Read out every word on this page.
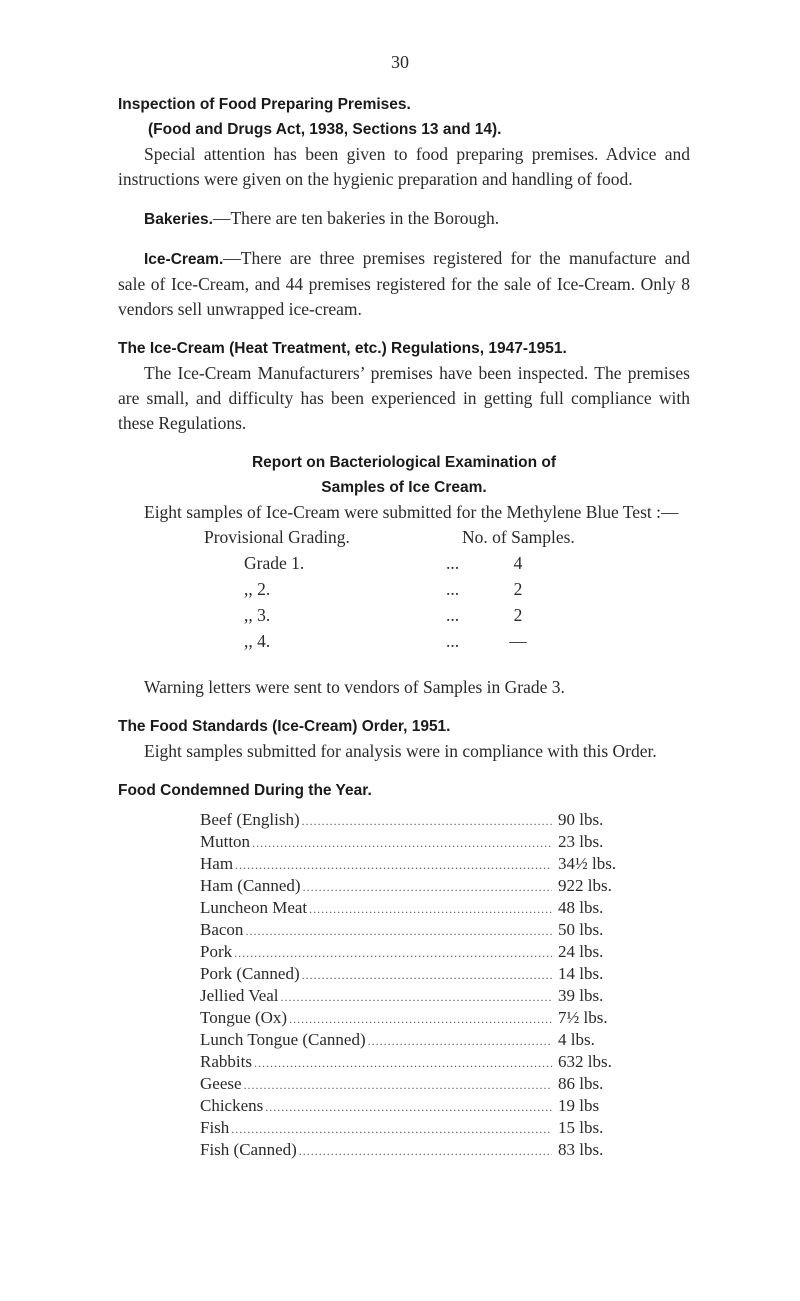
30
Inspection of Food Preparing Premises.
(Food and Drugs Act, 1938, Sections 13 and 14).

Special attention has been given to food preparing premises. Advice and instructions were given on the hygienic preparation and handling of food.

Bakeries.—There are ten bakeries in the Borough.

Ice-Cream.—There are three premises registered for the manufacture and sale of Ice-Cream, and 44 premises registered for the sale of Ice-Cream. Only 8 vendors sell unwrapped ice-cream.

The Ice-Cream (Heat Treatment, etc.) Regulations, 1947-1951.

The Ice-Cream Manufacturers’ premises have been inspected. The premises are small, and difficulty has been experienced in getting full compliance with these Regulations.

Report on Bacteriological Examination of
Samples of Ice Cream.

Eight samples of Ice-Cream were submitted for the Methylene Blue Test :—

Provisional Grading.	No. of Samples.
Grade 1.	...	4
,, 2.	...	2
,, 3.	...	2
,, 4.	...	—

Warning letters were sent to vendors of Samples in Grade 3.

The Food Standards (Ice-Cream) Order, 1951.

Eight samples submitted for analysis were in compliance with this Order.

Food Condemned During the Year.
Beef (English) .....	90 lbs.
Mutton .....	23 lbs.
Ham .....	34½ lbs.
Ham (Canned) .....	922 lbs.
Luncheon Meat .....	48 lbs.
Bacon .....	50 lbs.
Pork .....	24 lbs.
Pork (Canned) .....	14 lbs.
Jellied Veal .....	39 lbs.
Tongue (Ox) .....	7½ lbs.
Lunch Tongue (Canned) .....	4 lbs.
Rabbits .....	632 lbs.
Geese .....	86 lbs.
Chickens .....	19 lbs
Fish .....	15 lbs.
Fish (Canned) .....	83 lbs.
